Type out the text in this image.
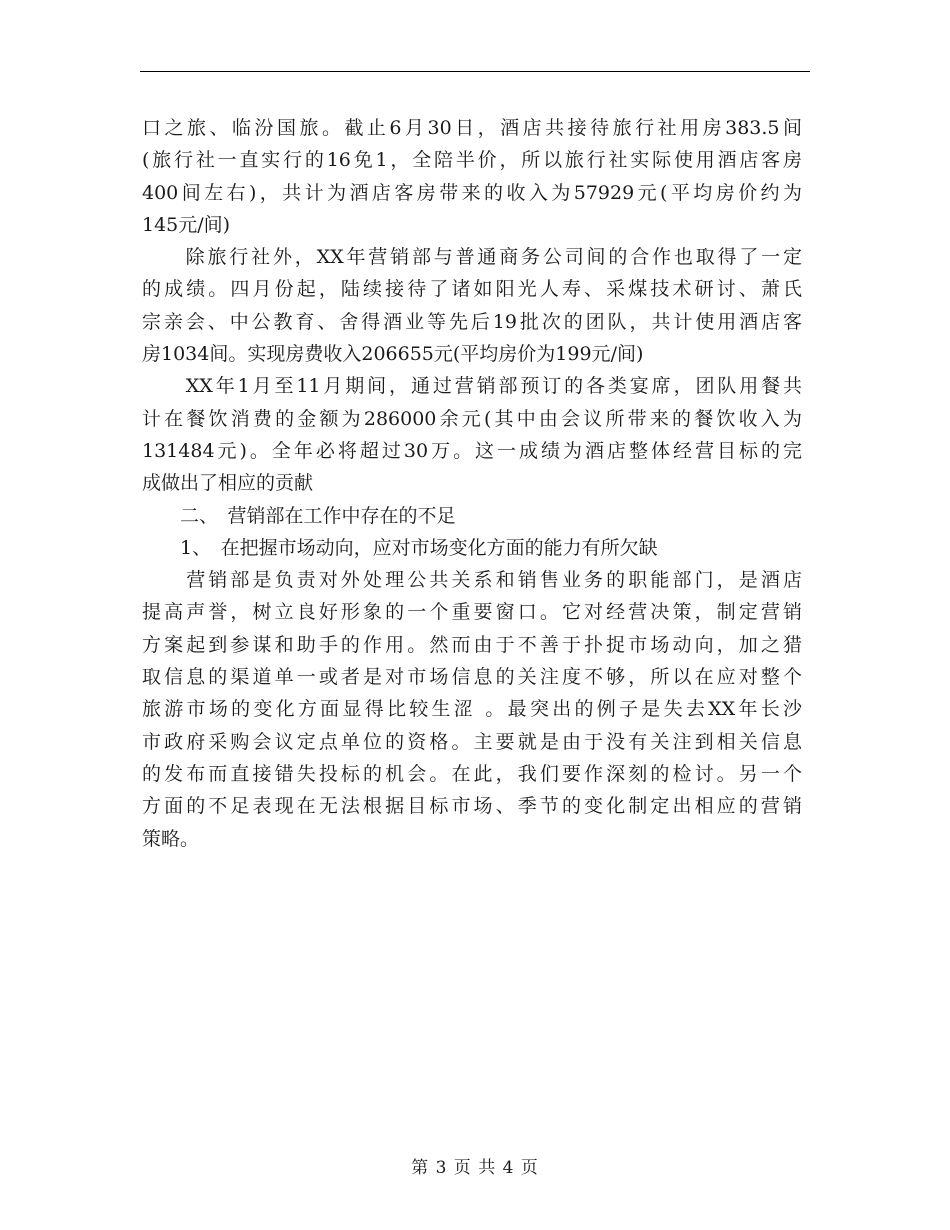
口之旅、临汾国旅。截止6月30日，酒店共接待旅行社用房383.5间
(旅行社一直实行的16免1，全陪半价，所以旅行社实际使用酒店客房
400间左右)，共计为酒店客房带来的收入为57929元(平均房价约为
145元/间)
　　除旅行社外，XX年营销部与普通商务公司间的合作也取得了一定
的成绩。四月份起，陆续接待了诸如阳光人寿、采煤技术研讨、萧氏
宗亲会、中公教育、舍得酒业等先后19批次的团队，共计使用酒店客
房1034间。实现房费收入206655元(平均房价为199元/间)
　　XX年1月至11月期间，通过营销部预订的各类宴席，团队用餐共
计在餐饮消费的金额为286000余元(其中由会议所带来的餐饮收入为
131484元)。全年必将超过30万。这一成绩为酒店整体经营目标的完
成做出了相应的贡献
　　二、　营销部在工作中存在的不足
　　1、　在把握市场动向，应对市场变化方面的能力有所欠缺
　　营销部是负责对外处理公共关系和销售业务的职能部门，是酒店
提高声誉，树立良好形象的一个重要窗口。它对经营决策，制定营销
方案起到参谋和助手的作用。然而由于不善于扑捉市场动向，加之猎
取信息的渠道单一或者是对市场信息的关注度不够，所以在应对整个
旅游市场的变化方面显得比较生涩 。最突出的例子是失去XX年长沙
市政府采购会议定点单位的资格。主要就是由于没有关注到相关信息
的发布而直接错失投标的机会。在此，我们要作深刻的检讨。另一个
方面的不足表现在无法根据目标市场、季节的变化制定出相应的营销
策略。
第 3 页 共 4 页
